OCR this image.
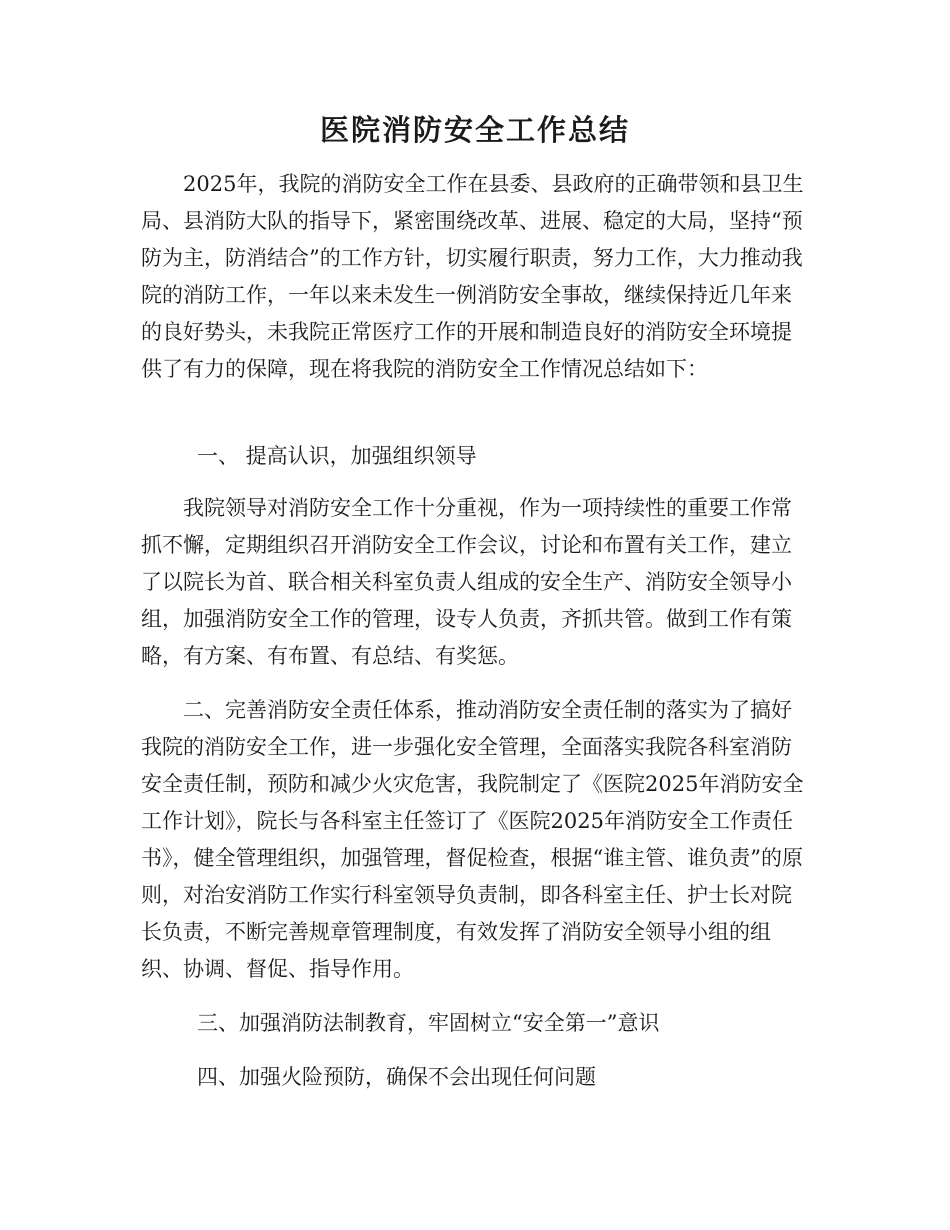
医院消防安全工作总结

2025年，我院的消防安全工作在县委、县政府的正确带领和县卫生局、县消防大队的指导下，紧密围绕改革、进展、稳定的大局，坚持“预防为主，防消结合”的工作方针，切实履行职责，努力工作，大力推动我院的消防工作，一年以来未发生一例消防安全事故，继续保持近几年来的良好势头，未我院正常医疗工作的开展和制造良好的消防安全环境提供了有力的保障，现在将我院的消防安全工作情况总结如下：

一、 提高认识，加强组织领导

我院领导对消防安全工作十分重视，作为一项持续性的重要工作常抓不懈，定期组织召开消防安全工作会议，讨论和布置有关工作，建立了以院长为首、联合相关科室负责人组成的安全生产、消防安全领导小组，加强消防安全工作的管理，设专人负责，齐抓共管。做到工作有策略，有方案、有布置、有总结、有奖惩。

二、完善消防安全责任体系，推动消防安全责任制的落实为了搞好我院的消防安全工作，进一步强化安全管理，全面落实我院各科室消防安全责任制，预防和减少火灾危害，我院制定了《医院2025年消防安全工作计划》，院长与各科室主任签订了《医院2025年消防安全工作责任书》，健全管理组织，加强管理，督促检查，根据“谁主管、谁负责”的原则，对治安消防工作实行科室领导负责制，即各科室主任、护士长对院长负责，不断完善规章管理制度，有效发挥了消防安全领导小组的组织、协调、督促、指导作用。

三、加强消防法制教育，牢固树立“安全第一”意识

四、加强火险预防，确保不会出现任何问题
